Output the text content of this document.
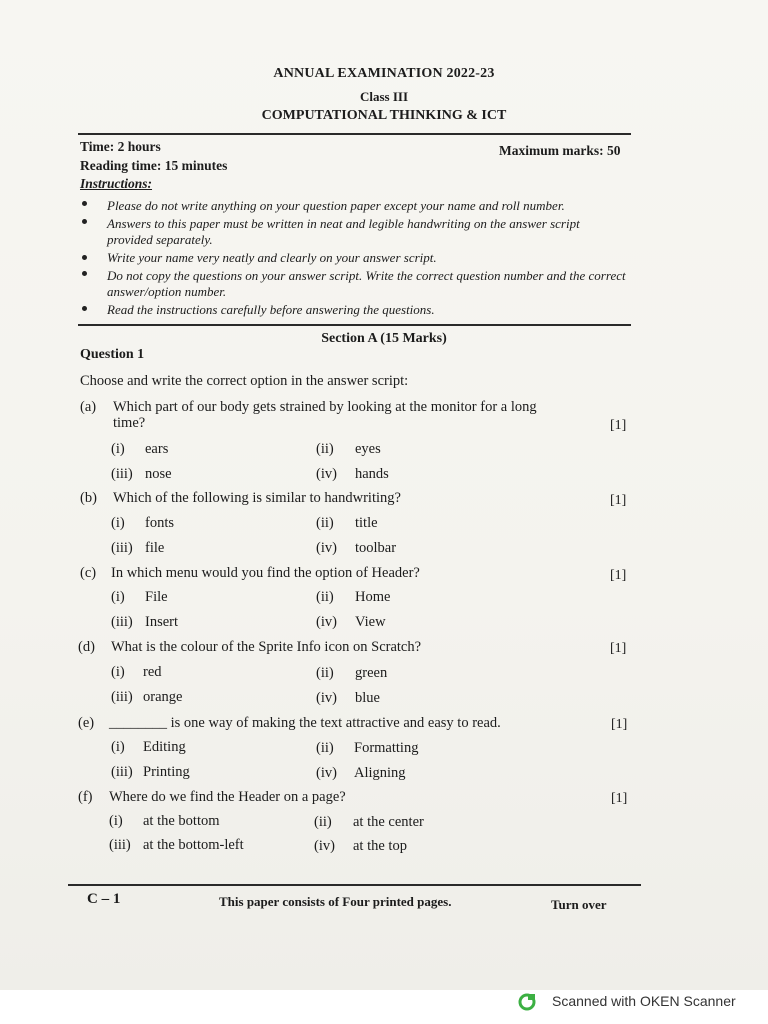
ANNUAL EXAMINATION 2022-23
Class III
COMPUTATIONAL THINKING & ICT
Time: 2 hours
Reading time: 15 minutes
Maximum marks: 50
Instructions:
Please do not write anything on your question paper except your name and roll number.
Answers to this paper must be written in neat and legible handwriting on the answer script provided separately.
Write your name very neatly and clearly on your answer script.
Do not copy the questions on your answer script. Write the correct question number and the correct answer/option number.
Read the instructions carefully before answering the questions.
Section A (15 Marks)
Question 1
Choose and write the correct option in the answer script:
(a) Which part of our body gets strained by looking at the monitor for a long
time?	[1]
(i) ears	(ii) eyes
(iii) nose	(iv) hands
(b) Which of the following is similar to handwriting?	[1]
(i) fonts	(ii) title
(iii) file	(iv) toolbar
(c) In which menu would you find the option of Header?	[1]
(i) File	(ii) Home
(iii) Insert	(iv) View
(d) What is the colour of the Sprite Info icon on Scratch?	[1]
(i) red	(ii) green
(iii) orange	(iv) blue
(e) ________ is one way of making the text attractive and easy to read.	[1]
(i) Editing	(ii) Formatting
(iii) Printing	(iv) Aligning
(f) Where do we find the Header on a page?	[1]
(i) at the bottom	(ii) at the center
(iii) at the bottom-left	(iv) at the top
C – 1	This paper consists of Four printed pages.	Turn over
Scanned with OKEN Scanner
